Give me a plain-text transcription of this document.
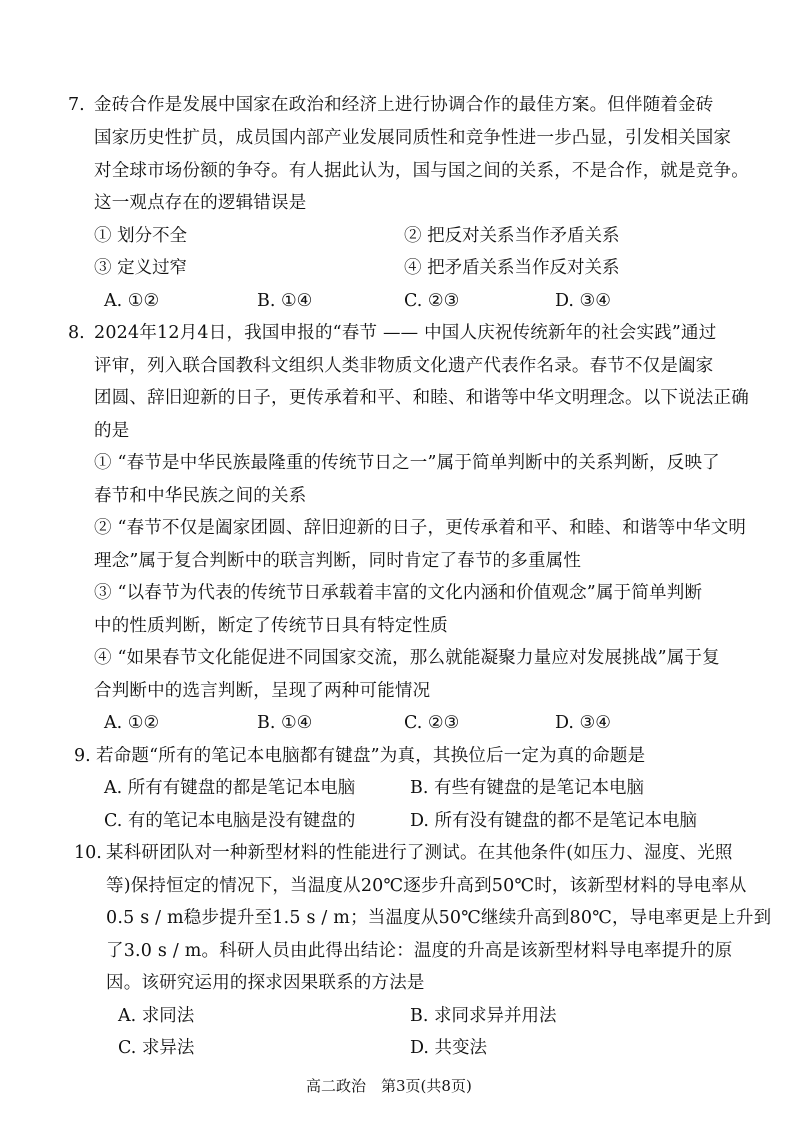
7. 金砖合作是发展中国家在政治和经济上进行协调合作的最佳方案。但伴随着金砖
国家历史性扩员，成员国内部产业发展同质性和竞争性进一步凸显，引发相关国家
对全球市场份额的争夺。有人据此认为，国与国之间的关系，不是合作，就是竞争。
这一观点存在的逻辑错误是
① 划分不全	② 把反对关系当作矛盾关系
③ 定义过窄	④ 把矛盾关系当作反对关系
A. ①②	B. ①④	C. ②③	D. ③④
8. 2024年12月4日，我国申报的“春节 —— 中国人庆祝传统新年的社会实践”通过
评审，列入联合国教科文组织人类非物质文化遗产代表作名录。春节不仅是阖家
团圆、辞旧迎新的日子，更传承着和平、和睦、和谐等中华文明理念。以下说法正确
的是
① “春节是中华民族最隆重的传统节日之一”属于简单判断中的关系判断，反映了
春节和中华民族之间的关系
② “春节不仅是阖家团圆、辞旧迎新的日子，更传承着和平、和睦、和谐等中华文明
理念”属于复合判断中的联言判断，同时肯定了春节的多重属性
③ “以春节为代表的传统节日承载着丰富的文化内涵和价值观念”属于简单判断
中的性质判断，断定了传统节日具有特定性质
④ “如果春节文化能促进不同国家交流，那么就能凝聚力量应对发展挑战”属于复
合判断中的选言判断，呈现了两种可能情况
A. ①②	B. ①④	C. ②③	D. ③④
9. 若命题“所有的笔记本电脑都有键盘”为真，其换位后一定为真的命题是
A. 所有有键盘的都是笔记本电脑	B. 有些有键盘的是笔记本电脑
C. 有的笔记本电脑是没有键盘的	D. 所有没有键盘的都不是笔记本电脑
10. 某科研团队对一种新型材料的性能进行了测试。在其他条件(如压力、湿度、光照
等)保持恒定的情况下，当温度从20℃逐步升高到50℃时，该新型材料的导电率从
0.5 s / m稳步提升至1.5 s / m；当温度从50℃继续升高到80℃，导电率更是上升到
了3.0 s / m。科研人员由此得出结论：温度的升高是该新型材料导电率提升的原
因。该研究运用的探求因果联系的方法是
A. 求同法	B. 求同求异并用法
C. 求异法	D. 共变法
高二政治　第3页(共8页)
